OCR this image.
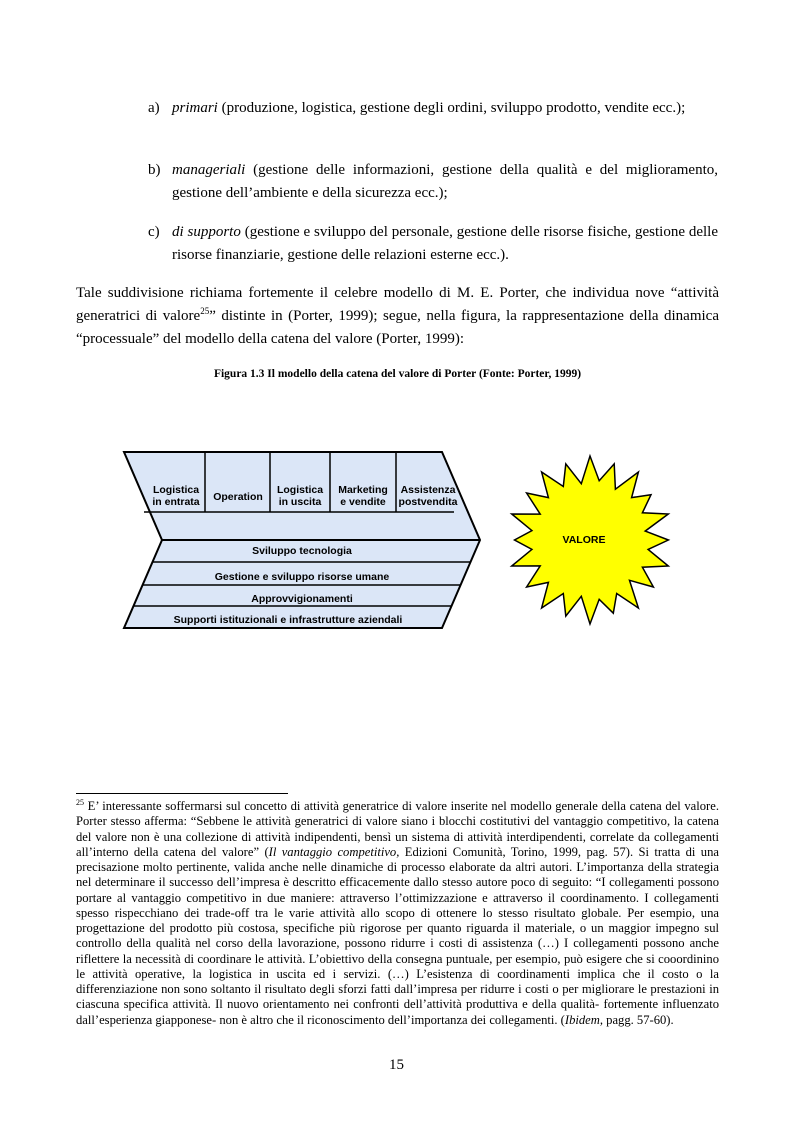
a) primari (produzione, logistica, gestione degli ordini, sviluppo prodotto, vendite ecc.);
b) manageriali (gestione delle informazioni, gestione della qualità e del miglioramento, gestione dell’ambiente e della sicurezza ecc.);
c) di supporto (gestione e sviluppo del personale, gestione delle risorse fisiche, gestione delle risorse finanziarie, gestione delle relazioni esterne ecc.).
Tale suddivisione richiama fortemente il celebre modello di M. E. Porter, che individua nove “attività generatrici di valore$^{25}$” distinte in (Porter, 1999); segue, nella figura, la rappresentazione della dinamica “processuale” del modello della catena del valore (Porter, 1999):
Figura 1.3 Il modello della catena del valore di Porter (Fonte: Porter, 1999)
Logistica
in entrata Operation
Logistica
in uscita
Marketing
e vendite
Assistenza
postvendita
Sviluppo tecnologia
Gestione e sviluppo risorse umane
Approvvigionamenti
Supporti istituzionali e infrastrutture aziendali
VALORE
$^{25}$ E’ interessante soffermarsi sul concetto di attività generatrice di valore inserite nel modello generale della catena del valore. Porter stesso afferma: “Sebbene le attività generatrici di valore siano i blocchi costitutivi del vantaggio competitivo, la catena del valore non è una collezione di attività indipendenti, bensì un sistema di attività interdipendenti, correlate da collegamenti all’interno della catena del valore” (Il vantaggio competitivo, Edizioni Comunità, Torino, 1999, pag. 57). Si tratta di una precisazione molto pertinente, valida anche nelle dinamiche di processo elaborate da altri autori. L’importanza della strategia nel determinare il successo dell’impresa è descritto efficacemente dallo stesso autore poco di seguito: “I collegamenti possono portare al vantaggio competitivo in due maniere: attraverso l’ottimizzazione e attraverso il coordinamento. I collegamenti spesso rispecchiano dei trade-off tra le varie attività allo scopo di ottenere lo stesso risultato globale. Per esempio, una progettazione del prodotto più costosa, specifiche più rigorose per quanto riguarda il materiale, o un maggior impegno sul controllo della qualità nel corso della lavorazione, possono ridurre i costi di assistenza (…) I collegamenti possono anche riflettere la necessità di coordinare le attività. L’obiettivo della consegna puntuale, per esempio, può esigere che si cooordinino le attività operative, la logistica in uscita ed i servizi. (…) L’esistenza di coordinamenti implica che il costo o la differenziazione non sono soltanto il risultato degli sforzi fatti dall’impresa per ridurre i costi o per migliorare le prestazioni in ciascuna specifica attività. Il nuovo orientamento nei confronti dell’attività produttiva e della qualità- fortemente influenzato dall’esperienza giapponese- non è altro che il riconoscimento dell’importanza dei collegamenti. (Ibidem, pagg. 57-60).
15
